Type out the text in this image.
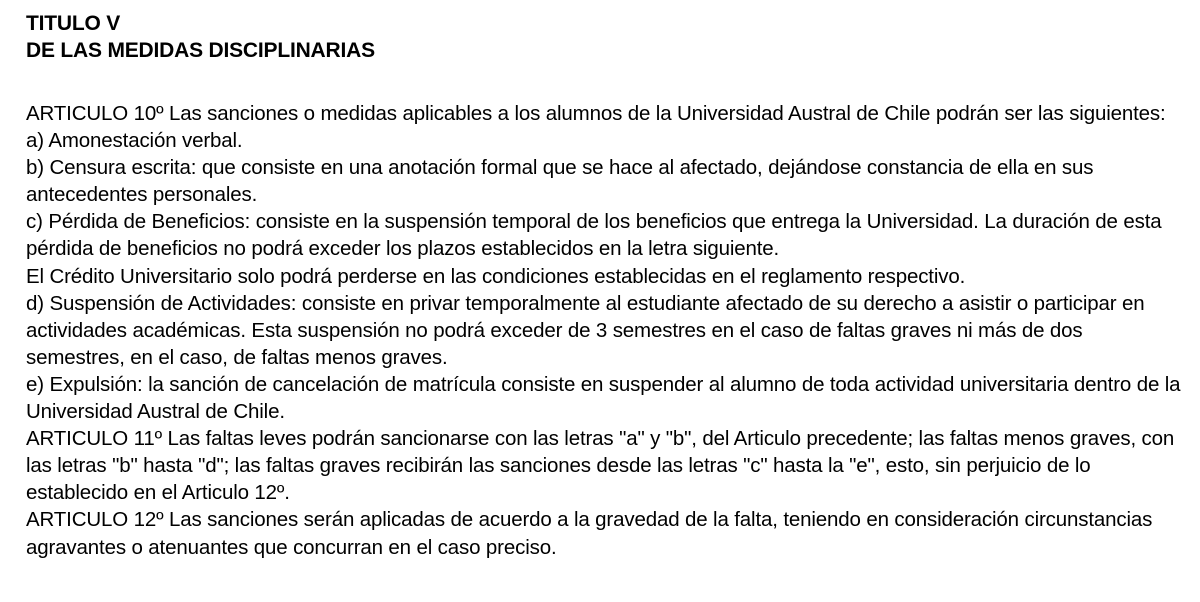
TITULO V
DE LAS MEDIDAS DISCIPLINARIAS

ARTICULO 10º Las sanciones o medidas aplicables a los alumnos de la Universidad Austral de Chile podrán ser las siguientes:

a) Amonestación verbal.

b) Censura escrita: que consiste en una anotación formal que se hace al afectado, dejándose constancia de ella en sus antecedentes personales.

c) Pérdida de Beneficios: consiste en la suspensión temporal de los beneficios que entrega la Universidad. La duración de esta pérdida de beneficios no podrá exceder los plazos establecidos en la letra siguiente.

El Crédito Universitario solo podrá perderse en las condiciones establecidas en el reglamento respectivo.

d) Suspensión de Actividades: consiste en privar temporalmente al estudiante afectado de su derecho a asistir o participar en actividades académicas. Esta suspensión no podrá exceder de 3 semestres en el caso de faltas graves ni más de dos semestres, en el caso, de faltas menos graves.

e) Expulsión: la sanción de cancelación de matrícula consiste en suspender al alumno de toda actividad universitaria dentro de la Universidad Austral de Chile.

ARTICULO 11º Las faltas leves podrán sancionarse con las letras "a" y "b", del Articulo precedente; las faltas menos graves, con las letras "b" hasta "d"; las faltas graves recibirán las sanciones desde las letras "c" hasta la "e", esto, sin perjuicio de lo establecido en el Articulo 12º.

ARTICULO 12º Las sanciones serán aplicadas de acuerdo a la gravedad de la falta, teniendo en consideración circunstancias agravantes o atenuantes que concurran en el caso preciso.
